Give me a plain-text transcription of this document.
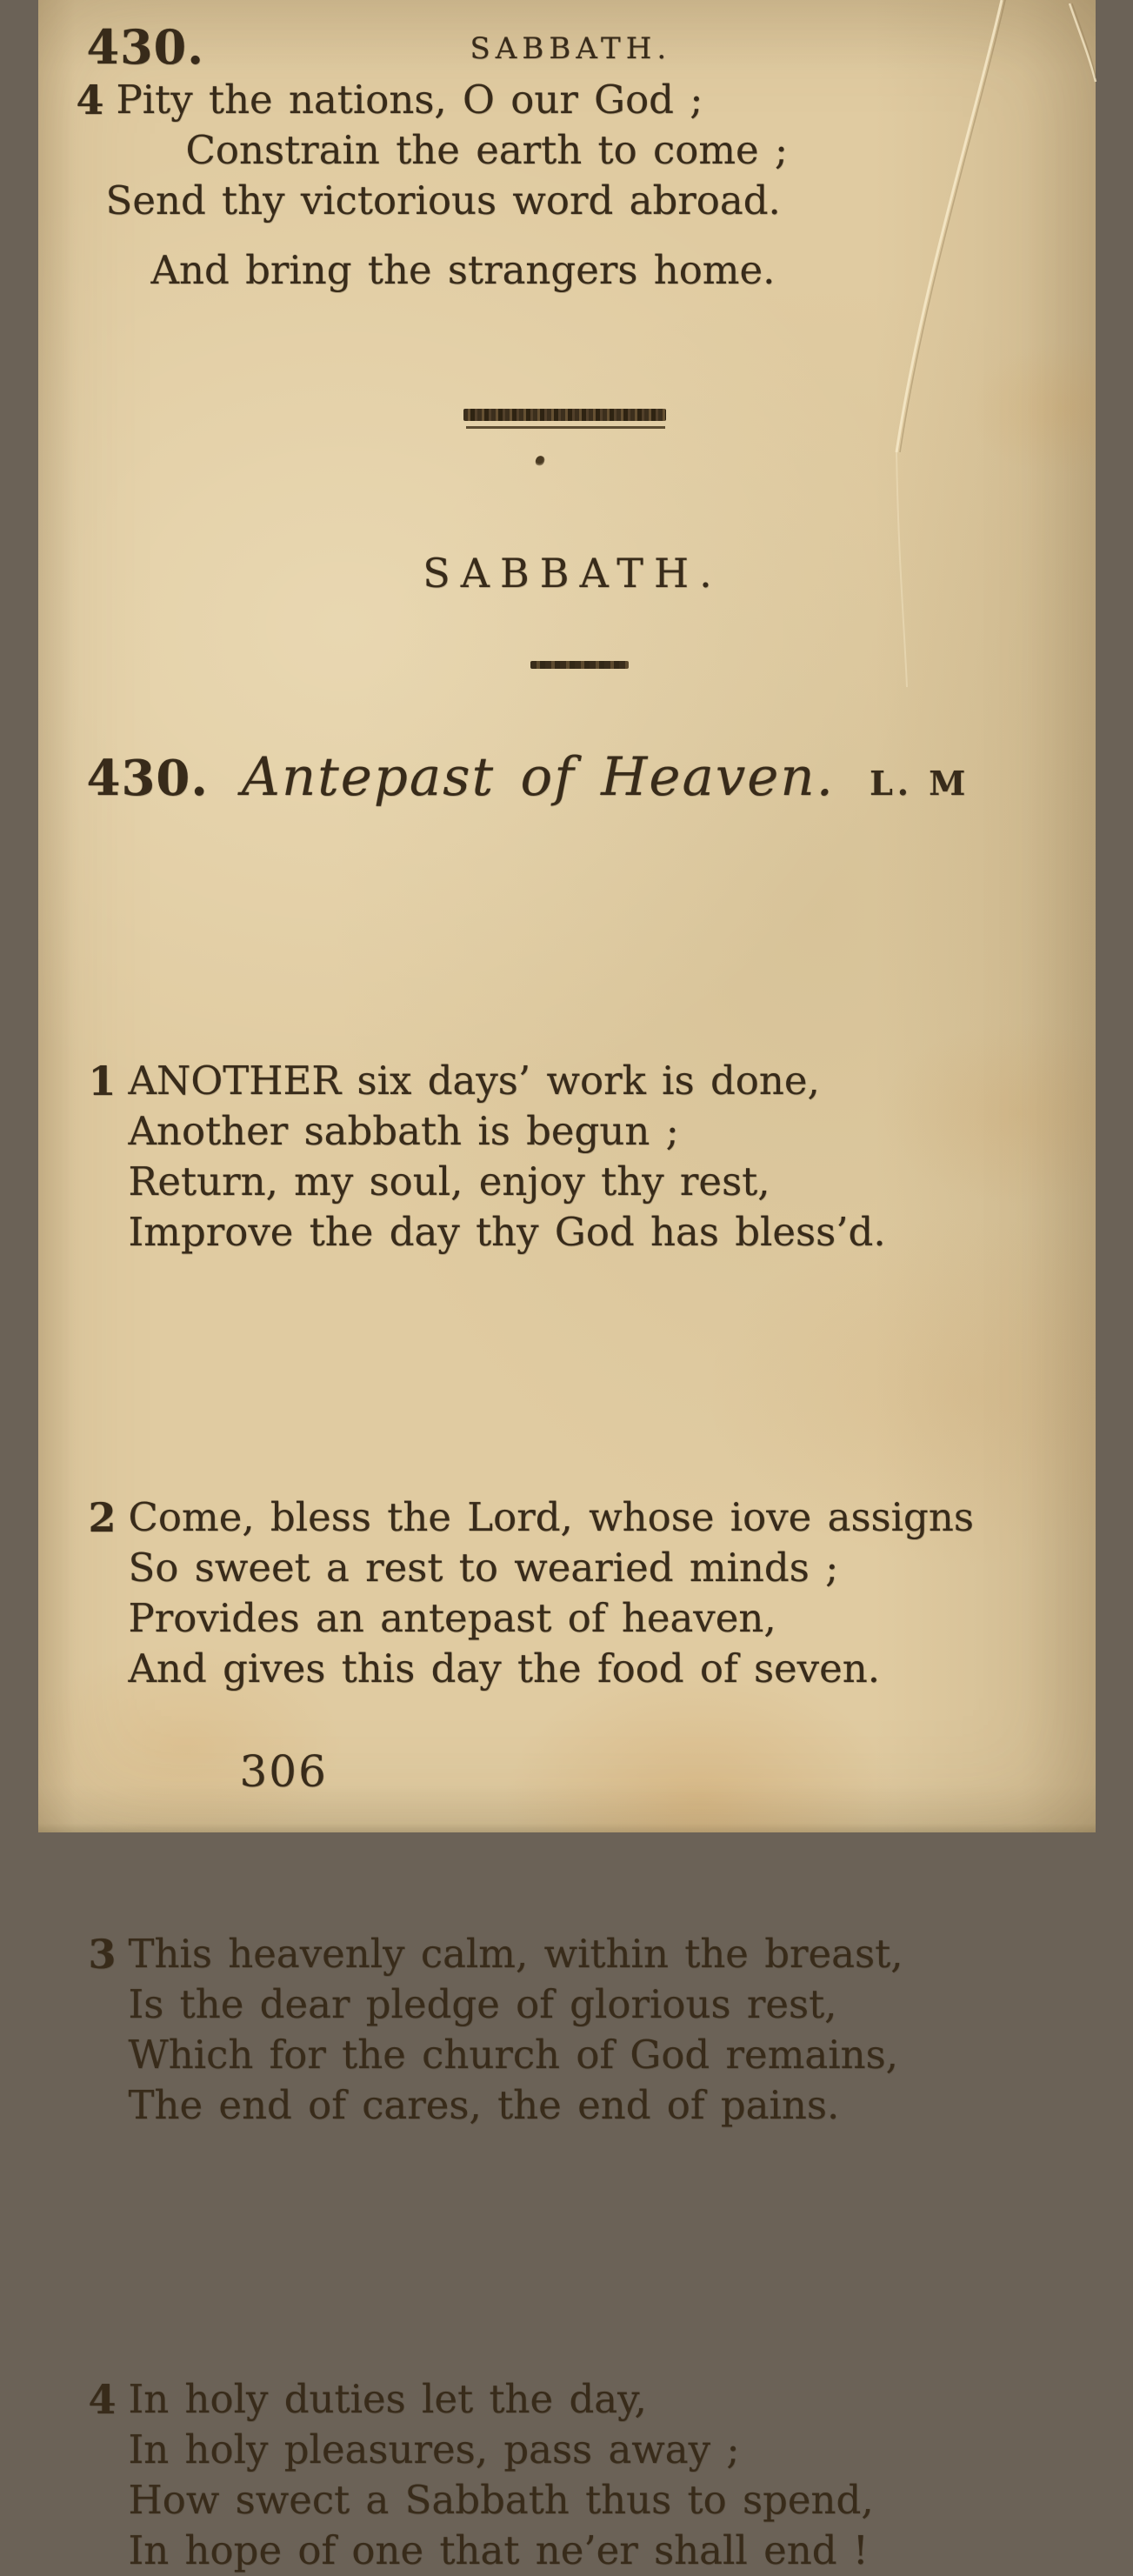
430.	SABBATH.
4 Pity the nations, O our God ;
Constrain the earth to come ;
Send thy victorious word abroad.
And bring the strangers home.
SABBATH.
430. Antepast of Heaven. L. M
1 ANOTHER six days’ work is done,
Another sabbath is begun ;
Return, my soul, enjoy thy rest,
Improve the day thy God has bless’d.
2 Come, bless the Lord, whose iove assigns
So sweet a rest to wearied minds ;
Provides an antepast of heaven,
And gives this day the food of seven.
3 This heavenly calm, within the breast,
Is the dear pledge of glorious rest,
Which for the church of God remains,
The end of cares, the end of pains.
4 In holy duties let the day,
In holy pleasures, pass away ;
How swect a Sabbath thus to spend,
In hope of one that ne’er shall end !
306
